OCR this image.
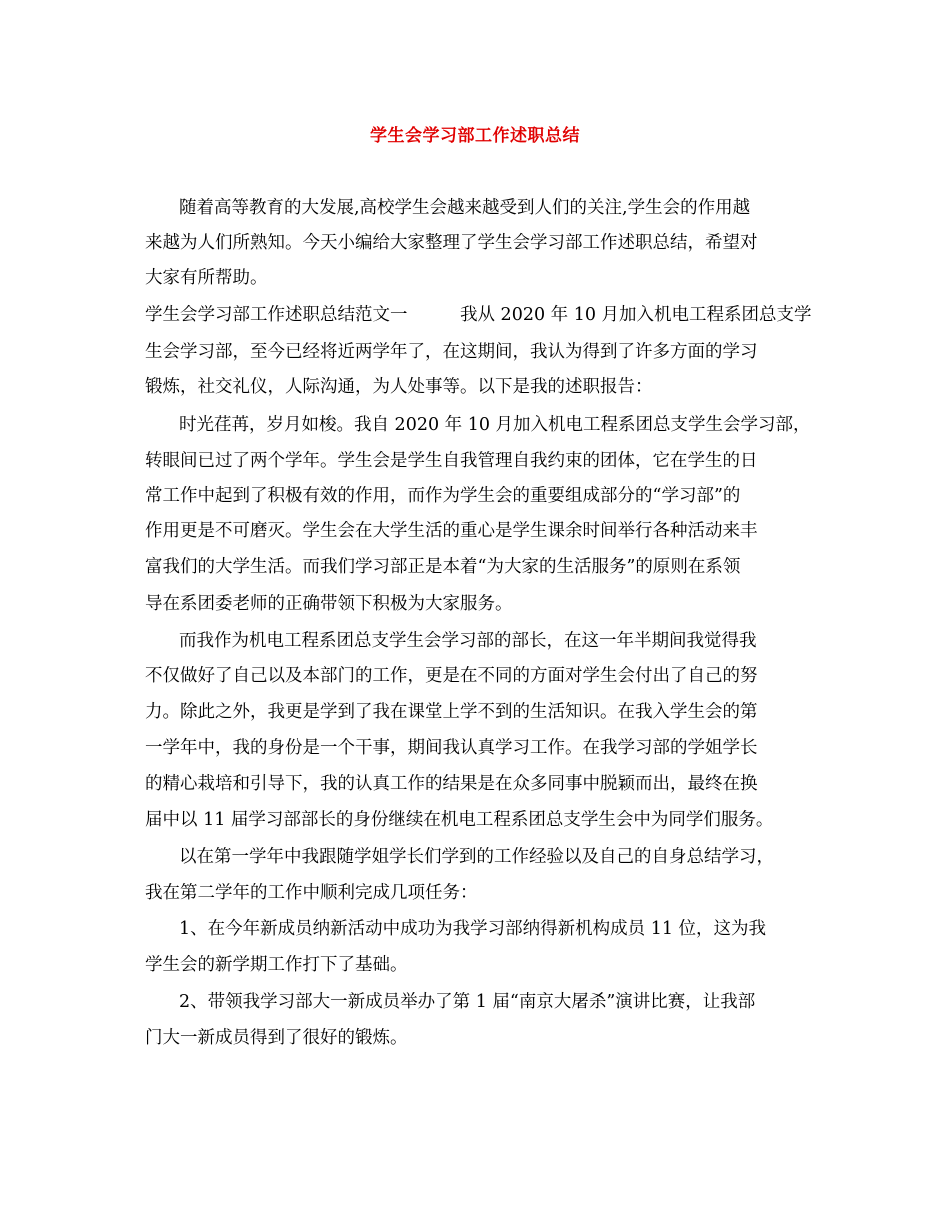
学生会学习部工作述职总结
随着高等教育的大发展,高校学生会越来越受到人们的关注,学生会的作用越
来越为人们所熟知。今天小编给大家整理了学生会学习部工作述职总结，希望对
大家有所帮助。
学生会学习部工作述职总结范文一　　　我从 2020 年 10 月加入机电工程系团总支学
生会学习部，至今已经将近两学年了，在这期间，我认为得到了许多方面的学习
锻炼，社交礼仪，人际沟通，为人处事等。以下是我的述职报告：
时光荏苒，岁月如梭。我自 2020 年 10 月加入机电工程系团总支学生会学习部，
转眼间已过了两个学年。学生会是学生自我管理自我约束的团体，它在学生的日
常工作中起到了积极有效的作用，而作为学生会的重要组成部分的“学习部”的
作用更是不可磨灭。学生会在大学生活的重心是学生课余时间举行各种活动来丰
富我们的大学生活。而我们学习部正是本着“为大家的生活服务”的原则在系领
导在系团委老师的正确带领下积极为大家服务。
而我作为机电工程系团总支学生会学习部的部长，在这一年半期间我觉得我
不仅做好了自己以及本部门的工作，更是在不同的方面对学生会付出了自己的努
力。除此之外，我更是学到了我在课堂上学不到的生活知识。在我入学生会的第
一学年中，我的身份是一个干事，期间我认真学习工作。在我学习部的学姐学长
的精心栽培和引导下，我的认真工作的结果是在众多同事中脱颖而出，最终在换
届中以 11 届学习部部长的身份继续在机电工程系团总支学生会中为同学们服务。
以在第一学年中我跟随学姐学长们学到的工作经验以及自己的自身总结学习，
我在第二学年的工作中顺利完成几项任务：
1、在今年新成员纳新活动中成功为我学习部纳得新机构成员 11 位，这为我
学生会的新学期工作打下了基础。
2、带领我学习部大一新成员举办了第 1 届“南京大屠杀”演讲比赛，让我部
门大一新成员得到了很好的锻炼。
